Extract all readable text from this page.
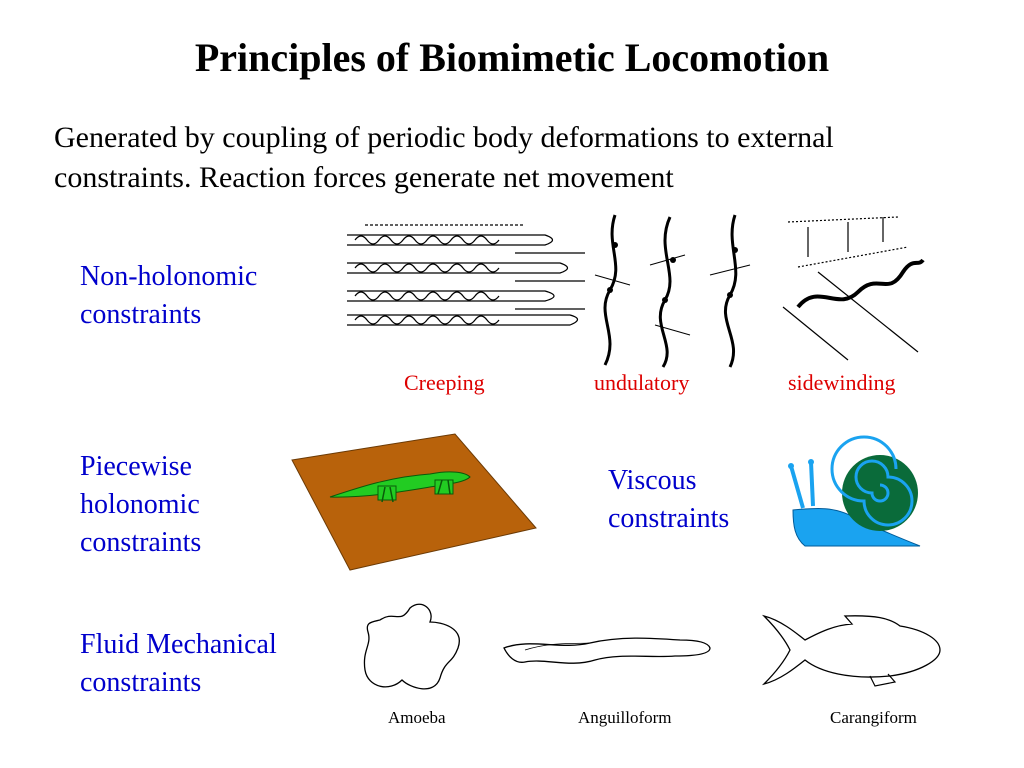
Principles of Biomimetic Locomotion
Generated by coupling of periodic body deformations to external constraints. Reaction forces generate net movement
Non-holonomic
constraints
Creeping	undulatory	sidewinding
Piecewise
holonomic
constraints
Viscous
constraints
Fluid Mechanical
constraints
Amoeba	Anguilloform	Carangiform
